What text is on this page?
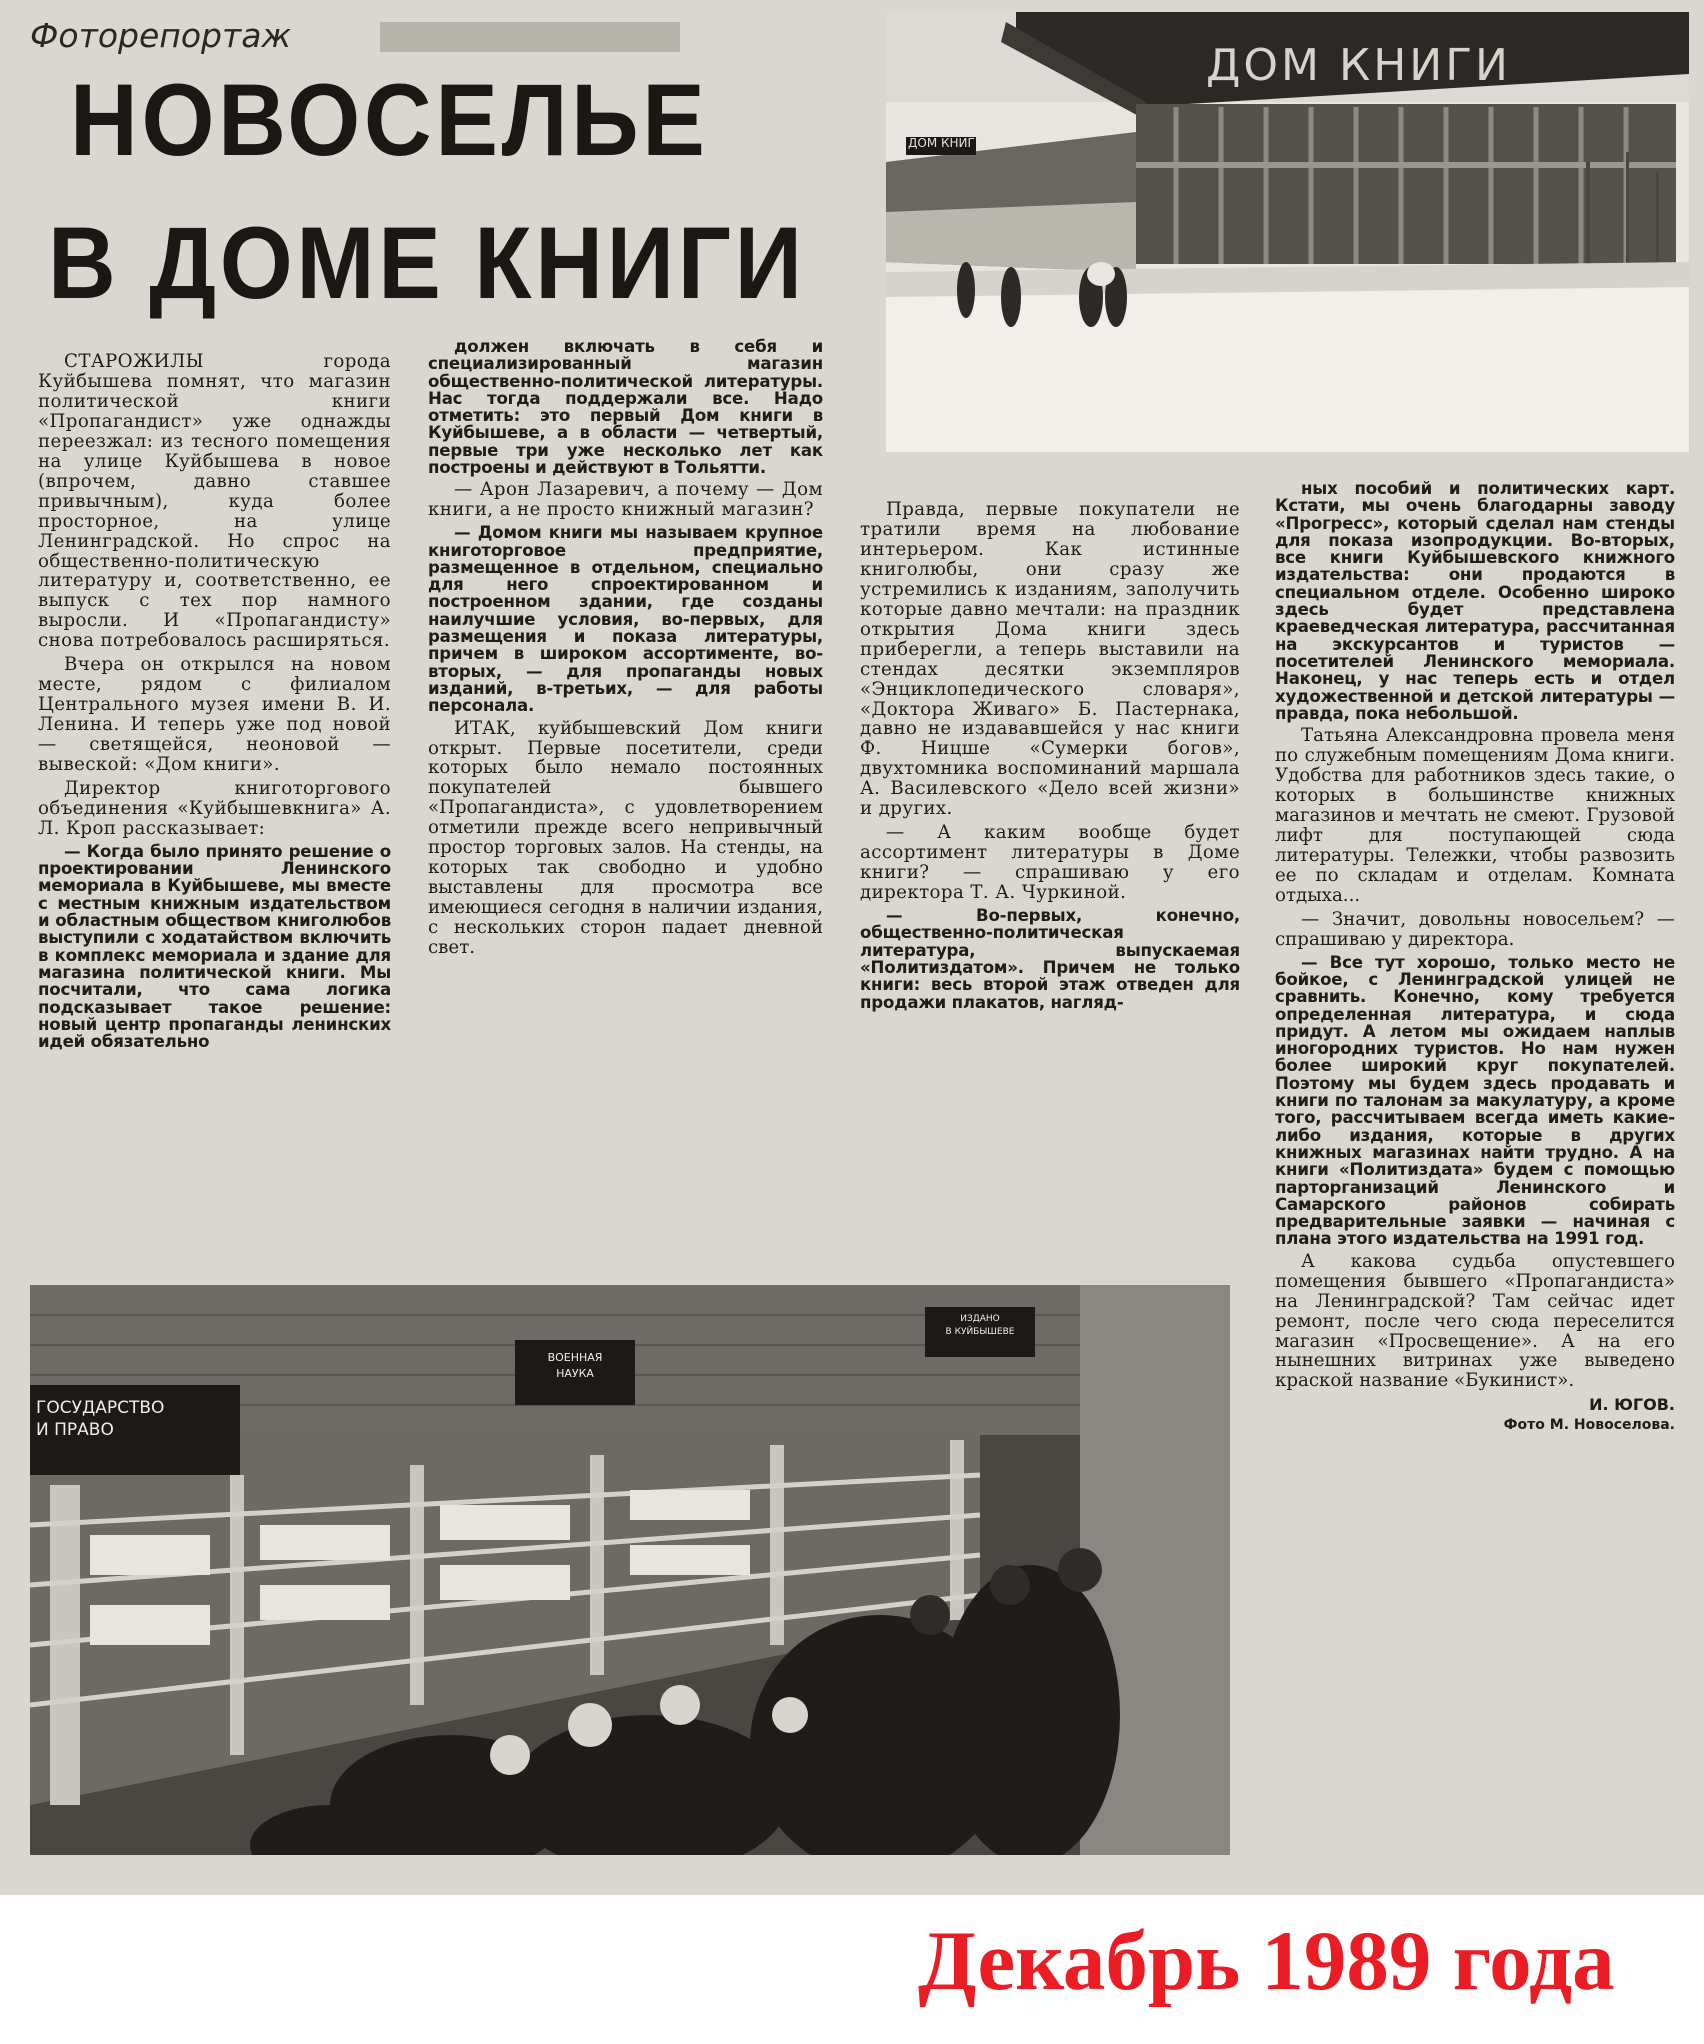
Фоторепортаж
НОВОСЕЛЬЕ
В ДОМЕ КНИГИ
ДОМ КНИГИ
ДОМ КНИГИ

СТАРОЖИЛЫ города Куйбышева помнят, что магазин политической книги «Пропагандист» уже однажды переезжал: из тесного помещения на улице Куйбышева в новое (впрочем, давно ставшее привычным), куда более просторное, на улице Ленинградской. Но спрос на общественно-политическую литературу и, соответственно, ее выпуск с тех пор намного выросли. И «Пропагандисту» снова потребовалось расширяться.

Вчера он открылся на новом месте, рядом с филиалом Центрального музея имени В. И. Ленина. И теперь уже под новой — светящейся, неоновой — вывеской: «Дом книги».

Директор книготоргового объединения «Куйбышевкнига» А. Л. Кроп рассказывает:

— Когда было принято решение о проектировании Ленинского мемориала в Куйбышеве, мы вместе с местным книжным издательством и областным обществом книголюбов выступили с ходатайством включить в комплекс мемориала и здание для магазина политической книги. Мы посчитали, что сама логика подсказывает такое решение: новый центр пропаганды ленинских идей обязательно

должен включать в себя и специализированный магазин общественно-политической литературы. Нас тогда поддержали все. Надо отметить: это первый Дом книги в Куйбышеве, а в области — четвертый, первые три уже несколько лет как построены и действуют в Тольятти.

— Арон Лазаревич, а почему — Дом книги, а не просто книжный магазин?

— Домом книги мы называем крупное книготорговое предприятие, размещенное в отдельном, специально для него спроектированном и построенном здании, где созданы наилучшие условия, во-первых, для размещения и показа литературы, причем в широком ассортименте, во-вторых, — для пропаганды новых изданий, в-третьих, — для работы персонала.

ИТАК, куйбышевский Дом книги открыт. Первые посетители, среди которых было немало постоянных покупателей бывшего «Пропагандиста», с удовлетворением отметили прежде всего непривычный простор торговых залов. На стенды, на которых так свободно и удобно выставлены для просмотра все имеющиеся сегодня в наличии издания, с нескольких сторон падает дневной свет.

Правда, первые покупатели не тратили время на любование интерьером. Как истинные книголюбы, они сразу же устремились к изданиям, заполучить которые давно мечтали: на праздник открытия Дома книги здесь приберегли, а теперь выставили на стендах десятки экземпляров «Энциклопедического словаря», «Доктора Живаго» Б. Пастернака, давно не издававшейся у нас книги Ф. Ницше «Сумерки богов», двухтомника воспоминаний маршала А. Василевского «Дело всей жизни» и других.

— А каким вообще будет ассортимент литературы в Доме книги? — спрашиваю у его директора Т. А. Чуркиной.

— Во-первых, конечно, общественно-политическая литература, выпускаемая «Политиздатом». Причем не только книги: весь второй этаж отведен для продажи плакатов, нагляд-

ных пособий и политических карт. Кстати, мы очень благодарны заводу «Прогресс», который сделал нам стенды для показа изопродукции. Во-вторых, все книги Куйбышевского книжного издательства: они продаются в специальном отделе. Особенно широко здесь будет представлена краеведческая литература, рассчитанная на экскурсантов и туристов — посетителей Ленинского мемориала. Наконец, у нас теперь есть и отдел художественной и детской литературы — правда, пока небольшой.

Татьяна Александровна провела меня по служебным помещениям Дома книги. Удобства для работников здесь такие, о которых в большинстве книжных магазинов и мечтать не смеют. Грузовой лифт для поступающей сюда литературы. Тележки, чтобы развозить ее по складам и отделам. Комната отдыха...

— Значит, довольны новосельем? — спрашиваю у директора.

— Все тут хорошо, только место не бойкое, с Ленинградской улицей не сравнить. Конечно, кому требуется определенная литература, и сюда придут. А летом мы ожидаем наплыв иногородних туристов. Но нам нужен более широкий круг покупателей. Поэтому мы будем здесь продавать и книги по талонам за макулатуру, а кроме того, рассчитываем всегда иметь какие-либо издания, которые в других книжных магазинах найти трудно. А на книги «Политиздата» будем с помощью парторганизаций Ленинского и Самарского районов собирать предварительные заявки — начиная с плана этого издательства на 1991 год.

А какова судьба опустевшего помещения бывшего «Пропагандиста» на Ленинградской? Там сейчас идет ремонт, после чего сюда переселится магазин «Просвещение». А на его нынешних витринах уже выведено краской название «Букинист».

И. ЮГОВ.
Фото М. Новоселова.
ГОСУДАРСТВО
И ПРАВО
ВОЕННАЯ
НАУКА
ИЗДАНО
В КУЙБЫШЕВЕ
Декабрь 1989 года
